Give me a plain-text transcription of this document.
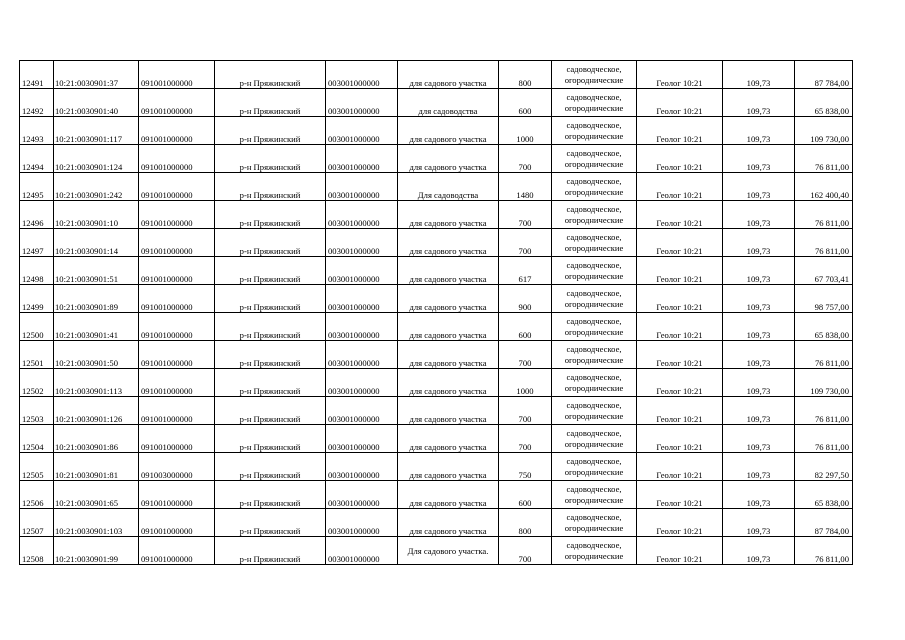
12491	10:21:0030901:37	091001000000	р-н Пряжинский	003001000000	для садового участка	800	садоводческое,
огороднические	Геолог 10:21	109,73	87 784,00
12492	10:21:0030901:40	091001000000	р-н Пряжинский	003001000000	для садоводства	600	садоводческое,
огороднические	Геолог 10:21	109,73	65 838,00
12493	10:21:0030901:117	091001000000	р-н Пряжинский	003001000000	для садового участка	1000	садоводческое,
огороднические	Геолог 10:21	109,73	109 730,00
12494	10:21:0030901:124	091001000000	р-н Пряжинский	003001000000	для садового участка	700	садоводческое,
огороднические	Геолог 10:21	109,73	76 811,00
12495	10:21:0030901:242	091001000000	р-н Пряжинский	003001000000	Для садоводства	1480	садоводческое,
огороднические	Геолог 10:21	109,73	162 400,40
12496	10:21:0030901:10	091001000000	р-н Пряжинский	003001000000	для садового участка	700	садоводческое,
огороднические	Геолог 10:21	109,73	76 811,00
12497	10:21:0030901:14	091001000000	р-н Пряжинский	003001000000	для садового участка	700	садоводческое,
огороднические	Геолог 10:21	109,73	76 811,00
12498	10:21:0030901:51	091001000000	р-н Пряжинский	003001000000	для садового участка	617	садоводческое,
огороднические	Геолог 10:21	109,73	67 703,41
12499	10:21:0030901:89	091001000000	р-н Пряжинский	003001000000	для садового участка	900	садоводческое,
огороднические	Геолог 10:21	109,73	98 757,00
12500	10:21:0030901:41	091001000000	р-н Пряжинский	003001000000	для садового участка	600	садоводческое,
огороднические	Геолог 10:21	109,73	65 838,00
12501	10:21:0030901:50	091001000000	р-н Пряжинский	003001000000	для садового участка	700	садоводческое,
огороднические	Геолог 10:21	109,73	76 811,00
12502	10:21:0030901:113	091001000000	р-н Пряжинский	003001000000	для садового участка	1000	садоводческое,
огороднические	Геолог 10:21	109,73	109 730,00
12503	10:21:0030901:126	091001000000	р-н Пряжинский	003001000000	для садового участка	700	садоводческое,
огороднические	Геолог 10:21	109,73	76 811,00
12504	10:21:0030901:86	091001000000	р-н Пряжинский	003001000000	для садового участка	700	садоводческое,
огороднические	Геолог 10:21	109,73	76 811,00
12505	10:21:0030901:81	091003000000	р-н Пряжинский	003001000000	для садового участка	750	садоводческое,
огороднические	Геолог 10:21	109,73	82 297,50
12506	10:21:0030901:65	091001000000	р-н Пряжинский	003001000000	для садового участка	600	садоводческое,
огороднические	Геолог 10:21	109,73	65 838,00
12507	10:21:0030901:103	091001000000	р-н Пряжинский	003001000000	для садового участка	800	садоводческое,
огороднические	Геолог 10:21	109,73	87 784,00
12508	10:21:0030901:99	091001000000	р-н Пряжинский	003001000000	Для садового участка.	700	садоводческое,
огороднические	Геолог 10:21	109,73	76 811,00
